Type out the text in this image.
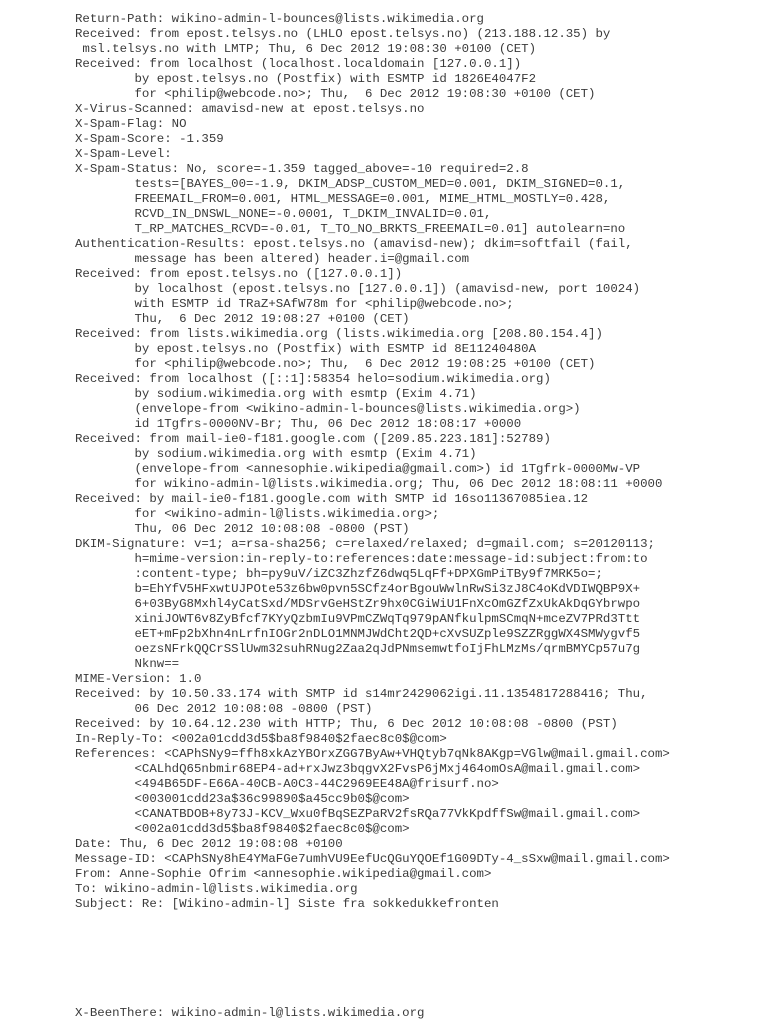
Return-Path: wikino-admin-l-bounces@lists.wikimedia.org
Received: from epost.telsys.no (LHLO epost.telsys.no) (213.188.12.35) by
msl.telsys.no with LMTP; Thu, 6 Dec 2012 19:08:30 +0100 (CET)
Received: from localhost (localhost.localdomain [127.0.0.1])
by epost.telsys.no (Postfix) with ESMTP id 1826E4047F2
for <philip@webcode.no>; Thu,  6 Dec 2012 19:08:30 +0100 (CET)
X-Virus-Scanned: amavisd-new at epost.telsys.no
X-Spam-Flag: NO
X-Spam-Score: -1.359
X-Spam-Level:
X-Spam-Status: No, score=-1.359 tagged_above=-10 required=2.8
tests=[BAYES_00=-1.9, DKIM_ADSP_CUSTOM_MED=0.001, DKIM_SIGNED=0.1,
FREEMAIL_FROM=0.001, HTML_MESSAGE=0.001, MIME_HTML_MOSTLY=0.428,
RCVD_IN_DNSWL_NONE=-0.0001, T_DKIM_INVALID=0.01,
T_RP_MATCHES_RCVD=-0.01, T_TO_NO_BRKTS_FREEMAIL=0.01] autolearn=no
Authentication-Results: epost.telsys.no (amavisd-new); dkim=softfail (fail,
message has been altered) header.i=@gmail.com
Received: from epost.telsys.no ([127.0.0.1])
by localhost (epost.telsys.no [127.0.0.1]) (amavisd-new, port 10024)
with ESMTP id TRaZ+SAfW78m for <philip@webcode.no>;
Thu,  6 Dec 2012 19:08:27 +0100 (CET)
Received: from lists.wikimedia.org (lists.wikimedia.org [208.80.154.4])
by epost.telsys.no (Postfix) with ESMTP id 8E11240480A
for <philip@webcode.no>; Thu,  6 Dec 2012 19:08:25 +0100 (CET)
Received: from localhost ([::1]:58354 helo=sodium.wikimedia.org)
by sodium.wikimedia.org with esmtp (Exim 4.71)
(envelope-from <wikino-admin-l-bounces@lists.wikimedia.org>)
id 1Tgfrs-0000NV-Br; Thu, 06 Dec 2012 18:08:17 +0000
Received: from mail-ie0-f181.google.com ([209.85.223.181]:52789)
by sodium.wikimedia.org with esmtp (Exim 4.71)
(envelope-from <annesophie.wikipedia@gmail.com>) id 1Tgfrk-0000Mw-VP
for wikino-admin-l@lists.wikimedia.org; Thu, 06 Dec 2012 18:08:11 +0000
Received: by mail-ie0-f181.google.com with SMTP id 16so11367085iea.12
for <wikino-admin-l@lists.wikimedia.org>;
Thu, 06 Dec 2012 10:08:08 -0800 (PST)
DKIM-Signature: v=1; a=rsa-sha256; c=relaxed/relaxed; d=gmail.com; s=20120113;
h=mime-version:in-reply-to:references:date:message-id:subject:from:to
:content-type; bh=py9uV/iZC3ZhzfZ6dwq5LqFf+DPXGmPiTBy9f7MRK5o=;
b=EhYfV5HFxwtUJPOte53z6bw0pvn5SCfz4orBgouWwlnRwSi3zJ8C4oKdVDIWQBP9X+
6+03ByG8Mxhl4yCatSxd/MDSrvGeHStZr9hx0CGiWiU1FnXcOmGZfZxUkAkDqGYbrwpo
xiniJOWT6v8ZyBfcf7KYyQzbmIu9VPmCZWqTq979pANfkulpmSCmqN+mceZV7PRd3Ttt
eET+mFp2bXhn4nLrfnIOGr2nDLO1MNMJWdCht2QD+cXvSUZple9SZZRggWX4SMWygvf5
oezsNFrkQQCrSSlUwm32suhRNug2Zaa2qJdPNmsemwtfoIjFhLMzMs/qrmBMYCp57u7g
Nknw==
MIME-Version: 1.0
Received: by 10.50.33.174 with SMTP id s14mr2429062igi.11.1354817288416; Thu,
06 Dec 2012 10:08:08 -0800 (PST)
Received: by 10.64.12.230 with HTTP; Thu, 6 Dec 2012 10:08:08 -0800 (PST)
In-Reply-To: <002a01cdd3d5$ba8f9840$2faec8c0$@com>
References: <CAPhSNy9=ffh8xkAzYBOrxZGG7ByAw+VHQtyb7qNk8AKgp=VGlw@mail.gmail.com>
<CALhdQ65nbmir68EP4-ad+rxJwz3bqgvX2FvsP6jMxj464omOsA@mail.gmail.com>
<494B65DF-E66A-40CB-A0C3-44C2969EE48A@frisurf.no>
<003001cdd23a$36c99890$a45cc9b0$@com>
<CANATBDOB+8y73J-KCV_Wxu0fBqSEZPaRV2fsRQa77VkKpdffSw@mail.gmail.com>
<002a01cdd3d5$ba8f9840$2faec8c0$@com>
Date: Thu, 6 Dec 2012 19:08:08 +0100
Message-ID: <CAPhSNy8hE4YMaFGe7umhVU9EefUcQGuYQOEf1G09DTy-4_sSxw@mail.gmail.com>
From: Anne-Sophie Ofrim <annesophie.wikipedia@gmail.com>
To: wikino-admin-l@lists.wikimedia.org
Subject: Re: [Wikino-admin-l] Siste fra sokkedukkefronten
X-BeenThere: wikino-admin-l@lists.wikimedia.org
